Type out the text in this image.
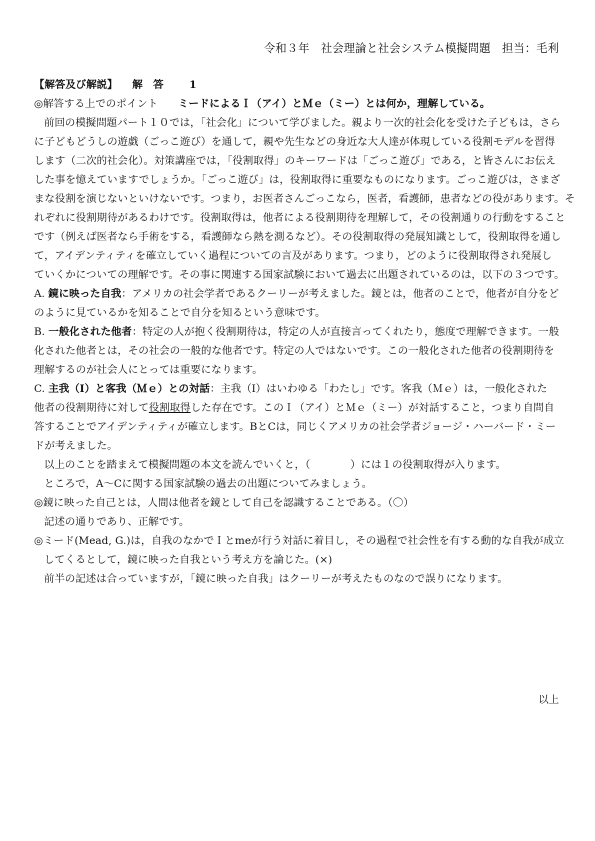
令和３年　社会理論と社会システム模擬問題　担当：毛利
【解答及び解説】 解　答 1
◎解答する上でのポイント ミードによるＩ（アイ）とＭｅ（ミー）とは何か，理解している。
前回の模擬問題パート１０では，「社会化」について学びました。親より一次的社会化を受けた子どもは，さら
に子どもどうしの遊戯（ごっこ遊び）を通して，親や先生などの身近な大人達が体現している役割モデルを習得
します（二次的社会化）。対策講座では，「役割取得」のキーワードは「ごっこ遊び」である，と皆さんにお伝え
した事を憶えていますでしょうか。「ごっこ遊び」は，役割取得に重要なものになります。ごっこ遊びは，さまざ
まな役割を演じないといけないです。つまり，お医者さんごっこなら，医者，看護師，患者などの役があります。そ
れぞれに役割期待があるわけです。役割取得は，他者による役割期待を理解して，その役割通りの行動をすること
です（例えば医者なら手術をする，看護師なら熱を測るなど）。その役割取得の発展知識として，役割取得を通し
て，アイデンティティを確立していく過程についての言及があります。つまり，どのように役割取得され発展し
ていくかについての理解です。その事に関連する国家試験において過去に出題されているのは，以下の３つです。
A. 鏡に映った自我：アメリカの社会学者であるクーリーが考えました。鏡とは，他者のことで，他者が自分をど
のように見ているかを知ることで自分を知るという意味です。
B. 一般化された他者：特定の人が抱く役割期待は，特定の人が直接言ってくれたり，態度で理解できます。一般
化された他者とは，その社会の一般的な他者です。特定の人ではないです。この一般化された他者の役割期待を
理解するのが社会人にとっては重要になります。
C. 主我（I）と客我（Ｍｅ）との対話：主我（I）はいわゆる「わたし」です。客我（Ｍｅ）は，一般化された
他者の役割期待に対して役割取得した存在です。このＩ（アイ）とＭｅ（ミー）が対話すること，つまり自問自
答することでアイデンティティが確立します。BとCは，同じくアメリカの社会学者ジョージ・ハーバード・ミー
ドが考えました。
以上のことを踏まえて模擬問題の本文を読んでいくと，（	）には１の役割取得が入ります。
ところで，A～Cに関する国家試験の過去の出題についてみましょう。
◎鏡に映った自己とは，人間は他者を鏡として自己を認識することである。（〇）
記述の通りであり、正解です。
◎ミード(Mead, G.)は，自我のなかでＩとmeが行う対話に着目し，その過程で社会性を有する動的な自我が成立
してくるとして，鏡に映った自我という考え方を論じた。(×)
前半の記述は合っていますが，「鏡に映った自我」はクーリーが考えたものなので誤りになります。
以上
